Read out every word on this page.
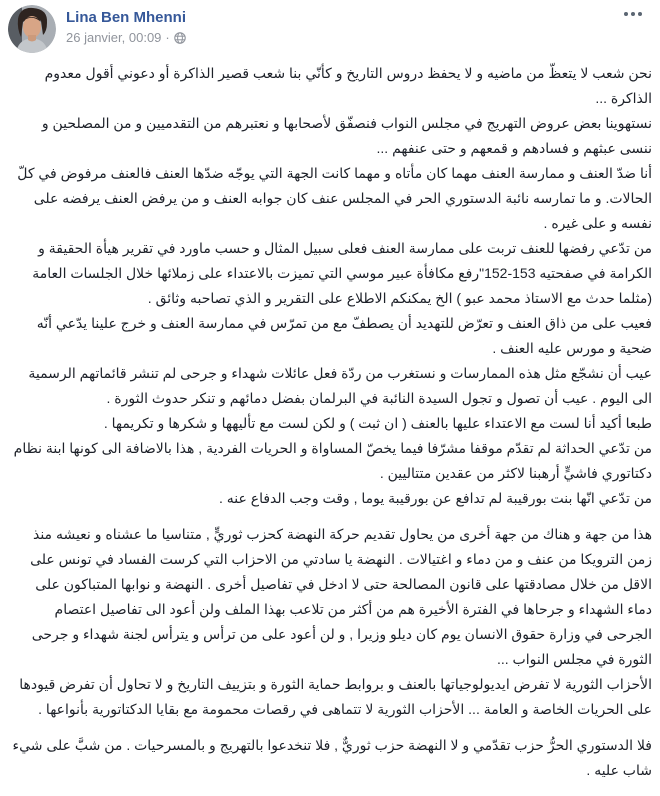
Lina Ben Mhenni
26 janvier, 00:09 ·
نحن شعب لا يتعظّ من ماضيه و لا يحفظ دروس التاريخ و كأنّي بنا شعب قصير الذاكرة أو دعوني أقول معدوم الذاكرة ...
نستهوينا بعض عروض التهريج في مجلس النواب فنصفّق لأصحابها و نعتبرهم من التقدميين و من المصلحين و ننسى عبثهم و فسادهم و قمعهم و حتى عنفهم ...
أنا ضدّ العنف و ممارسة العنف مهما كان مأتاه و مهما كانت الجهة التي يوجّه ضدّها العنف فالعنف مرفوض في كلّ الحالات. و ما تمارسه نائبة الدستوري الحر في المجلس عنف كان جوابه العنف و من يرفض العنف يرفضه على نفسه و على غيره .
من تدّعي رفضها للعنف تربت على ممارسة العنف فعلى سبيل المثال و حسب ماورد في تقرير هيأة الحقيقة و الكرامة في صفحتيه 153-152"رفع مكافأة عبير موسي التي تميزت بالاعتداء على زملائها خلال الجلسات العامة (مثلما حدث مع الاستاذ محمد عبو ) الخ يمكنكم الاطلاع على التقرير و الذي تصاحبه وثائق .
فعيب على من ذاق العنف و تعرّض للتهديد أن يصطفّ مع من تمرّس في ممارسة العنف و خرج علينا يدّعي أنّه ضحية و مورس عليه العنف .
عيب أن نشجّع مثل هذه الممارسات و نستغرب من ردّة فعل عائلات شهداء و جرحى لم تنشر قائماتهم الرسمية الى اليوم . عيب أن تصول و تجول السيدة النائبة في البرلمان بفضل دمائهم و تنكر حدوث الثورة .
طبعا أكيد أنا لست مع الاعتداء عليها بالعنف ( ان ثبت ) و لكن لست مع تأليهها و شكرها و تكريمها .
من تدّعي الحداثة لم تقدّم موقفا مشرّفا فيما يخصّ المساواة و الحريات الفردية , هذا بالاضافة الى كونها ابنة نظام دكتاتوري فاشيٍّ أرهبنا لاكثر من عقدين متتاليين .
من تدّعي انّها بنت بورقيبة لم تدافع عن بورقيبة يوما , وقت وجب الدفاع عنه .
هذا من جهة و هناك من جهة أخرى من يحاول تقديم حركة النهضة كحزب ثوريٍّ , متناسيا ما عشناه و نعيشه منذ زمن الترويكا من عنف و من دماء و اغتيالات . النهضة يا سادتي من الاحزاب التي كرست الفساد في تونس على الاقل من خلال مصادقتها على قانون المصالحة حتى لا ادخل في تفاصيل أخرى . النهضة و نوابها المتباكون على دماء الشهداء و جرحاها في الفترة الأخيرة هم من أكثر من تلاعب بهذا الملف ولن أعود الى تفاصيل اعتصام الجرحى في وزارة حقوق الانسان يوم كان ديلو وزيرا , و لن أعود على من ترأس و يترأس لجنة شهداء و جرحى الثورة في مجلس النواب ...
الأحزاب الثورية لا تفرض ايديولوجياتها بالعنف و بروابط حماية الثورة و بتزييف التاريخ و لا تحاول أن تفرض قيودها على الحريات الخاصة و العامة ... الأحزاب الثورية لا تتماهى في رقصات محمومة مع بقايا الدكتاتورية بأنواعها .
فلا الدستوري الحرُّ حزب تقدّمي و لا النهضة حزب ثوريٌّ , فلا تنخدعوا بالتهريج و بالمسرحيات . من شبَّ على شيء شاب عليه .
